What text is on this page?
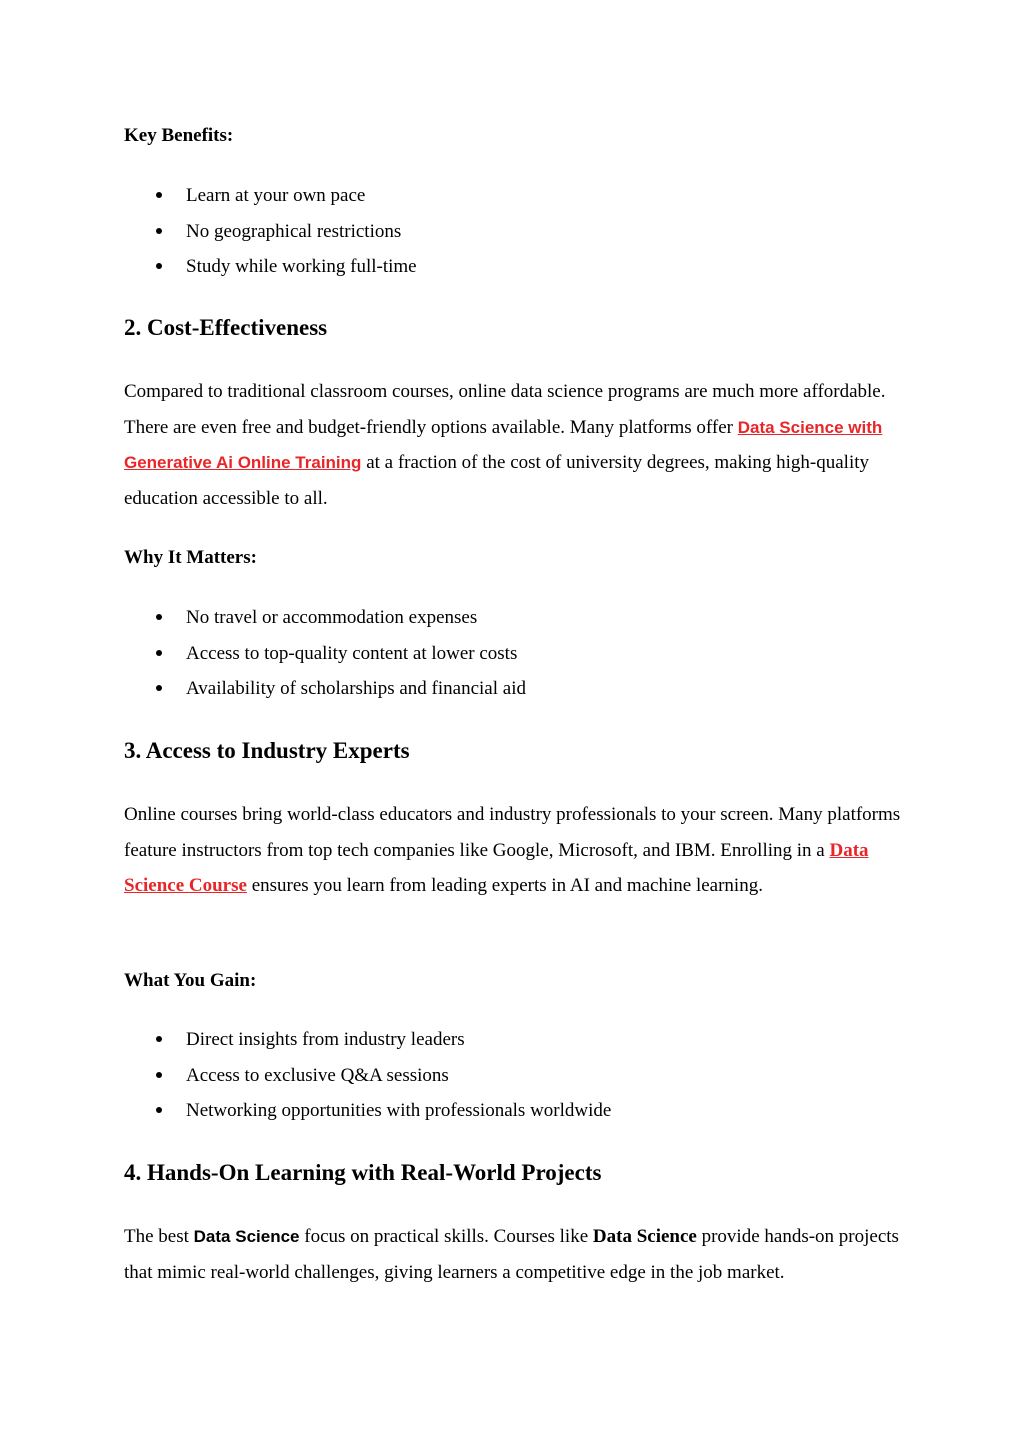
Key Benefits:

Learn at your own pace
No geographical restrictions
Study while working full-time
2. Cost-Effectiveness

Compared to traditional classroom courses, online data science programs are much more affordable. There are even free and budget-friendly options available. Many platforms offer Data Science with Generative Ai Online Training at a fraction of the cost of university degrees, making high-quality education accessible to all.

Why It Matters:

No travel or accommodation expenses
Access to top-quality content at lower costs
Availability of scholarships and financial aid
3. Access to Industry Experts

Online courses bring world-class educators and industry professionals to your screen. Many platforms feature instructors from top tech companies like Google, Microsoft, and IBM. Enrolling in a Data Science Course ensures you learn from leading experts in AI and machine learning.

What You Gain:

Direct insights from industry leaders
Access to exclusive Q&A sessions
Networking opportunities with professionals worldwide
4. Hands-On Learning with Real-World Projects

The best Data Science focus on practical skills. Courses like Data Science provide hands-on projects that mimic real-world challenges, giving learners a competitive edge in the job market.
